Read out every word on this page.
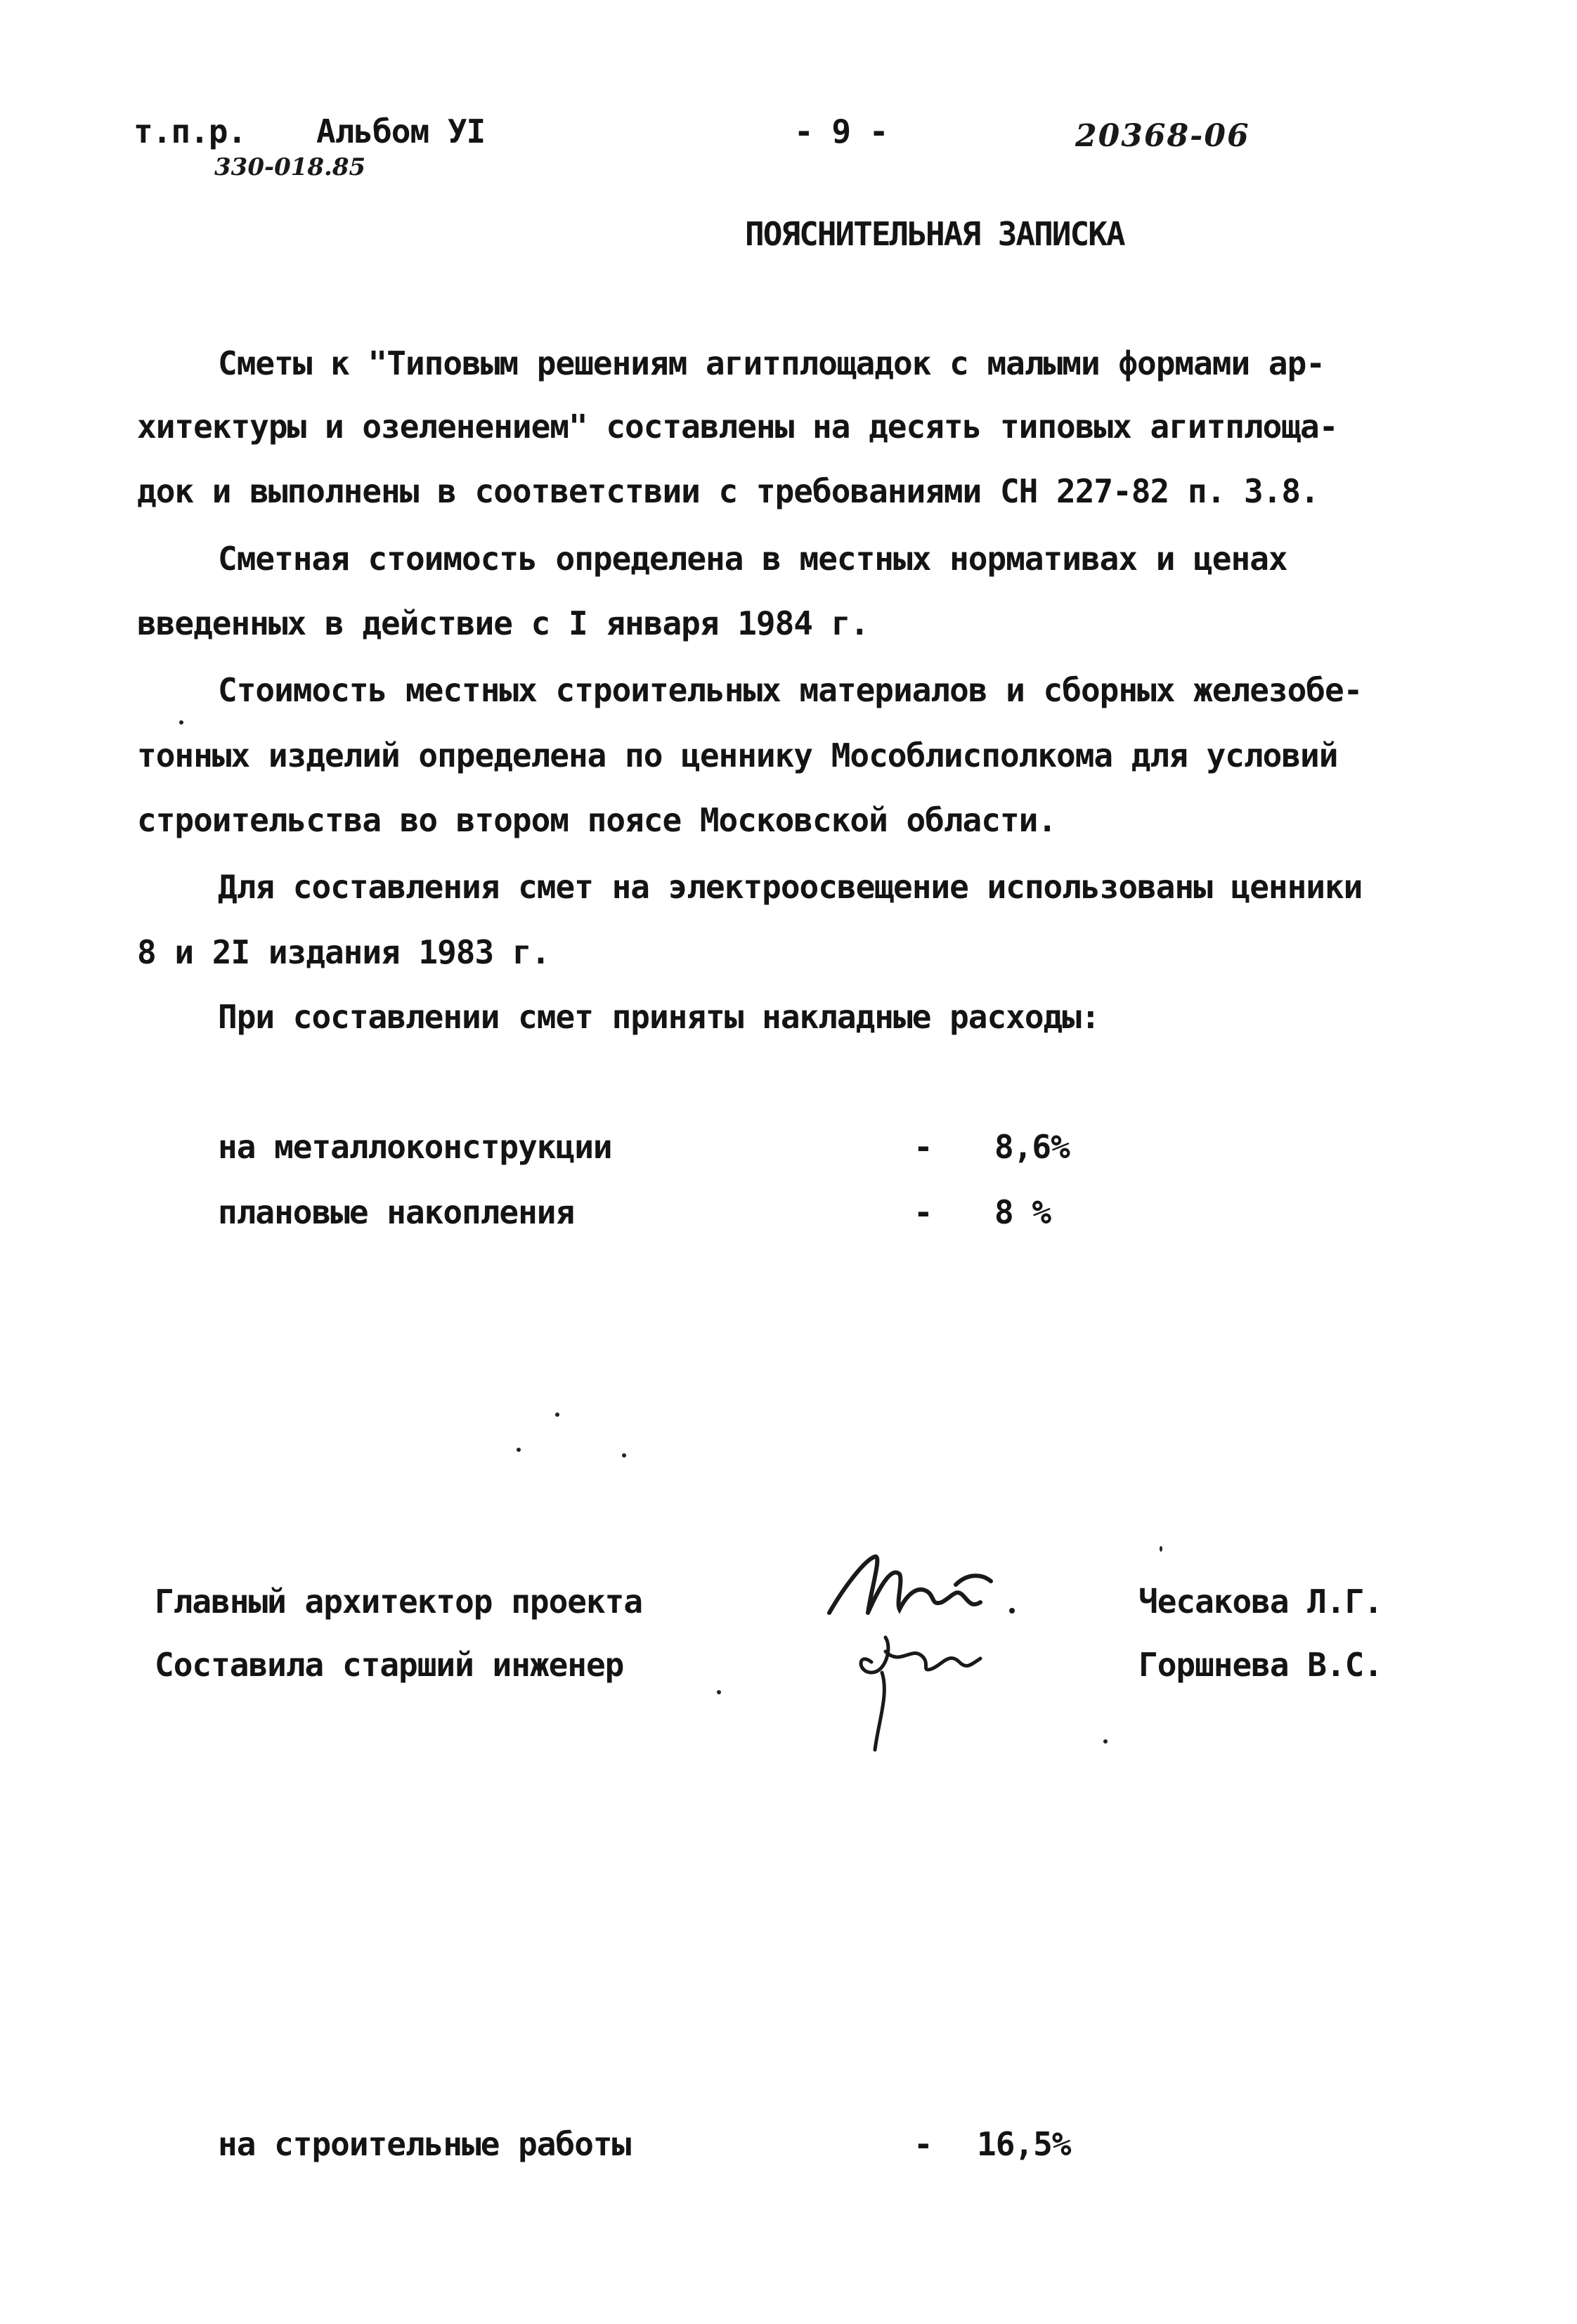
т.п.р. Альбом УI
330-018.85
- 9 -	20368-06
ПОЯСНИТЕЛЬНАЯ ЗАПИСКА
Сметы к "Типовым решениям агитплощадок с малыми формами ар-
хитектуры и озеленением" составлены на десять типовых агитплоща-
док и выполнены в соответствии с требованиями СН 227-82 п. 3.8.
Сметная стоимость определена в местных нормативах и ценах
введенных в действие с I января 1984 г.
Стоимость местных строительных материалов и сборных железобе-
тонных изделий определена по ценнику Мособлисполкома для условий
строительства во втором поясе Московской области.
Для составления смет на электроосвещение использованы ценники
8 и 2I издания 1983 г.
При составлении смет приняты накладные расходы:
на строительные работы	- 16,5%
на металлоконструкции	- 8,6%
плановые накопления	- 8 %
Главный архитектор проекта	Чесакова Л.Г.
Составила старший инженер	Горшнева В.С.
